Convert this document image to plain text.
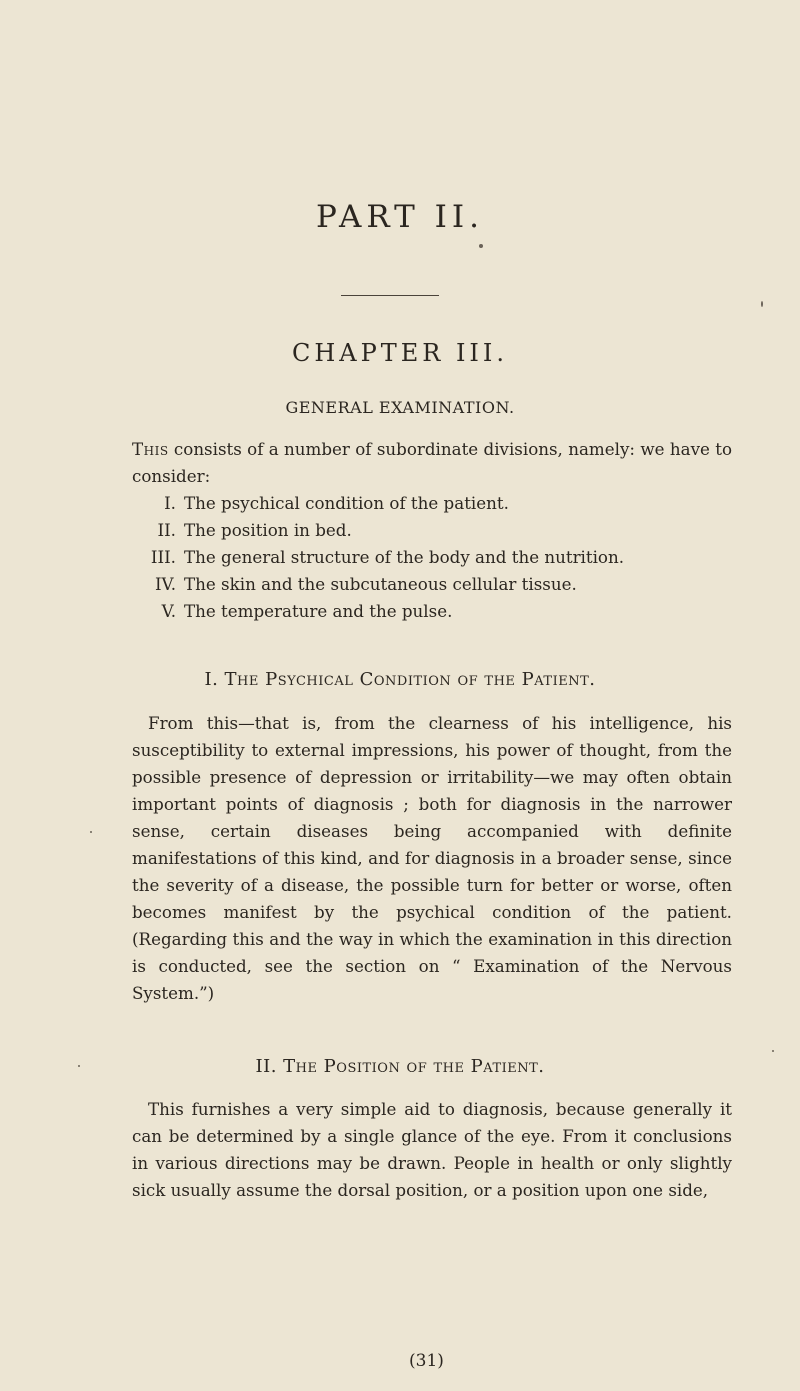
PART II.
CHAPTER III.
GENERAL EXAMINATION.
This consists of a number of subordinate divisions, namely: we have to consider:
I. The psychical condition of the patient.
II. The position in bed.
III. The general structure of the body and the nutrition.
IV. The skin and the subcutaneous cellular tissue.
V. The temperature and the pulse.
I. The Psychical Condition of the Patient.
From this—that is, from the clearness of his intelligence, his susceptibility to external impressions, his power of thought, from the possible presence of depression or irritability—we may often obtain important points of diagnosis ; both for diagnosis in the narrower sense, certain diseases being accompanied with definite manifestations of this kind, and for diagnosis in a broader sense, since the severity of a disease, the possible turn for better or worse, often becomes manifest by the psychical condition of the patient. (Regarding this and the way in which the examination in this direction is conducted, see the section on “ Examination of the Nervous System.”)
II. The Position of the Patient.
This furnishes a very simple aid to diagnosis, because generally it can be determined by a single glance of the eye. From it conclusions in various directions may be drawn. People in health or only slightly sick usually assume the dorsal position, or a position upon one side,
(31)
